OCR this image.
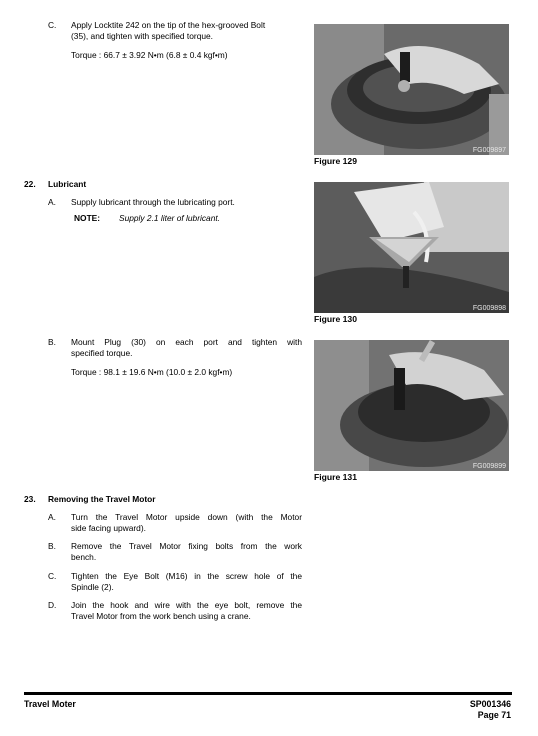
C. Apply Locktite 242 on the tip of the hex-grooved Bolt
(35), and tighten with specified torque.
Torque : 66.7 ± 3.92 N•m (6.8 ± 0.4 kgf•m)
FG009897
Figure 129
22. Lubricant
A. Supply lubricant through the lubricating port.
NOTE: Supply 2.1 liter of lubricant.
FG009898
Figure 130
B. Mount Plug (30) on each port and tighten with
specified torque.
Torque : 98.1 ± 19.6 N•m (10.0 ± 2.0 kgf•m)
FG009899
Figure 131
23. Removing the Travel Motor
A. Turn the Travel Motor upside down (with the Motor
side facing upward).
B. Remove the Travel Motor fixing bolts from the work
bench.
C. Tighten the Eye Bolt (M16) in the screw hole of the
Spindle (2).
D. Join the hook and wire with the eye bolt, remove the
Travel Motor from the work bench using a crane.
Travel Moter	SP001346
Page 71
